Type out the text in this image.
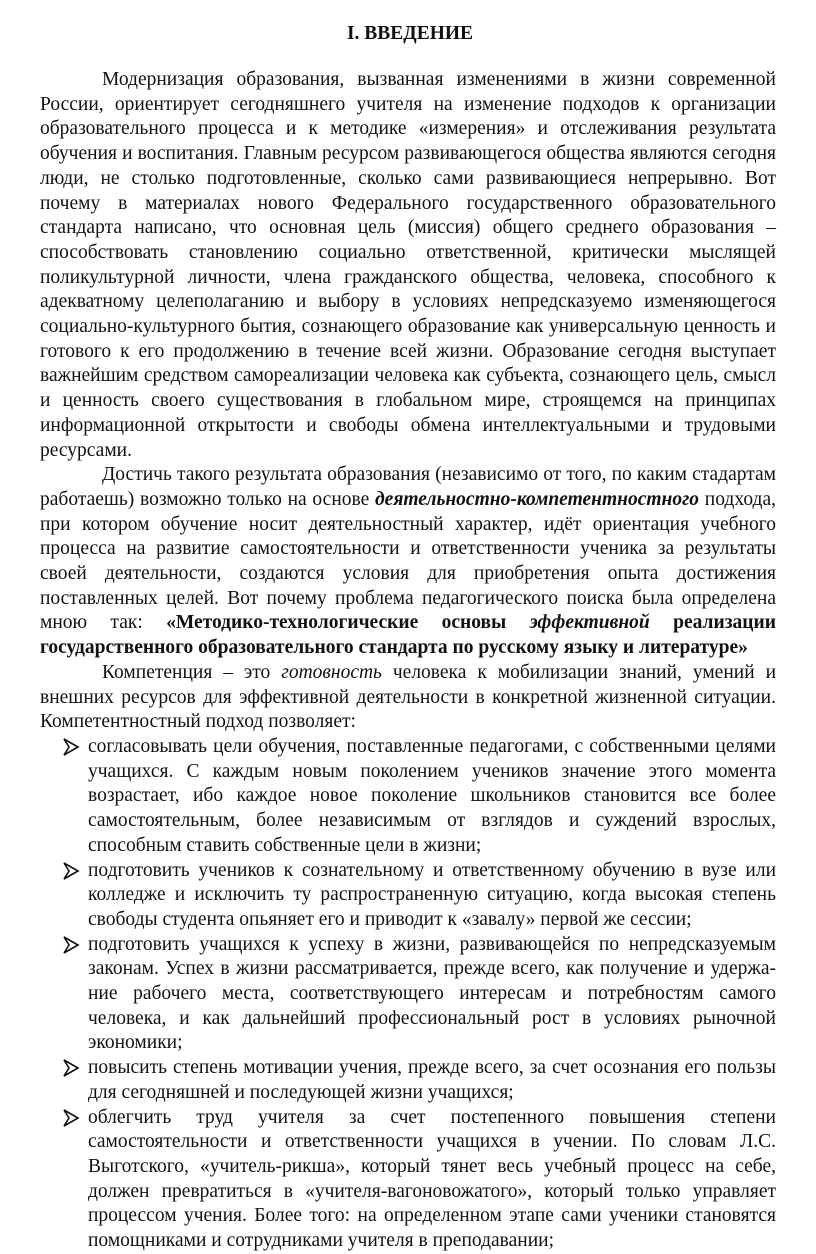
I. ВВЕДЕНИЕ

Модернизация образования, вызванная изменениями в жизни современной России, ориентирует сегодняшнего учителя на изменение подходов к организации образовательного процесса и к методике «измерения» и отслеживания результата обучения и воспитания. Главным ресурсом развивающегося общества являются сегодня люди, не столько подготовленные, сколько сами развивающиеся непрерывно. Вот почему в материалах нового Федерального государственного образовательного стандарта написано, что основная цель (миссия) общего среднего образования – способствовать становлению социально ответственной, критически мыслящей поликультурной личности, члена гражданского общества, человека, способного к адекватному целеполаганию и выбору в условиях непредсказуемо изменяющегося социально-культурного бытия, сознающего образование как универсальную ценность и готового к его продолжению в течение всей жизни. Образование сегодня выступает важнейшим средством самореализации человека как субъекта, сознающего цель, смысл и ценность своего существования в глобальном мире, строящемся на принципах информационной открытости и свободы обмена интеллектуальными и трудовыми ресурсами.

Достичь такого результата образования (независимо от того, по каким стадартам работаешь) возможно только на основе деятельностно-компетентностного подхода, при котором обучение носит деятельностный характер, идёт ориентация учебного процесса на развитие самостоятельности и ответственности ученика за результаты своей деятельности, создаются условия для приобретения опыта достижения поставленных целей. Вот почему проблема педагогического поиска была определена мною так: «Методико-технологические основы эффективной реализации государственного образовательного стандарта по русскому языку и литературе»

Компетенция – это готовность человека к мобилизации знаний, умений и внешних ресурсов для эффективной деятельности в конкретной жизненной ситуации. Компетентностный подход позволяет:

согласовывать цели обучения, поставленные педагогами, с собственными целями учащихся. С каждым новым поколением учеников значение этого момента возрастает, ибо каждое новое поколение школьников становится все более самостоятельным, более независимым от взглядов и суждений взрослых, способным ставить собственные цели в жизни;
подготовить учеников к сознательному и ответственному обучению в вузе или колледже и исключить ту распространенную ситуацию, когда высокая степень свободы студента опьяняет его и приводит к «завалу» первой же сессии;
подготовить учащихся к успеху в жизни, развивающейся по непредсказуемым законам. Успех в жизни рассматривается, прежде всего, как получение и удержа-ние рабочего места, соответствующего интересам и потребностям самого человека, и как дальнейший профессиональный рост в условиях рыночной экономики;
повысить степень мотивации учения, прежде всего, за счет осознания его пользы для сегодняшней и последующей жизни учащихся;
облегчить труд учителя за счет постепенного повышения степени самостоятельности и ответственности учащихся в учении. По словам Л.С. Выготского, «учитель-рикша», который тянет весь учебный процесс на себе, должен превратиться в «учителя-вагоновожатого», который только управляет процессом учения. Более того: на определенном этапе сами ученики становятся помощниками и сотрудниками учителя в преподавании;
